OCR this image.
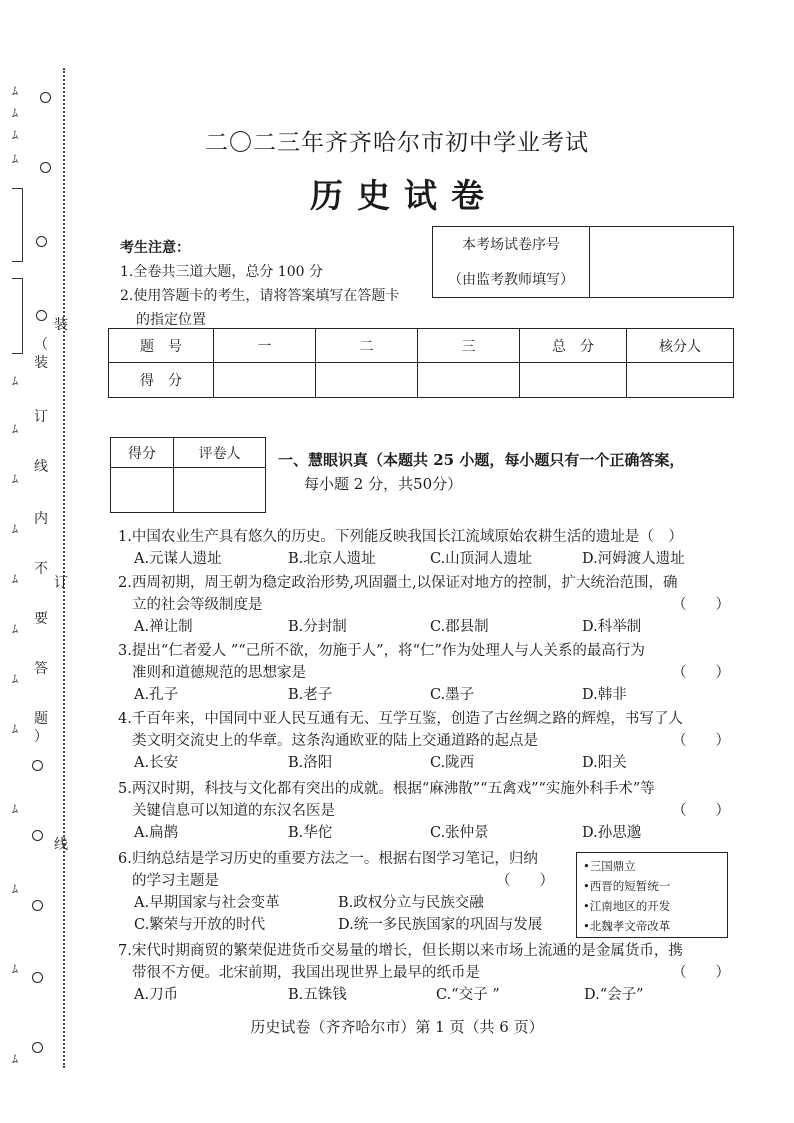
ﾑ
ﾑ
ﾑ
ﾑ
ﾑ
ﾑ
ﾑ
ﾑ
ﾑ
ﾑ
ﾑ
ﾑ
ﾑ
ﾑ
ﾑ
ﾑ
装
订
线
（
装
订
线
内
不
要
答
题
）
二〇二三年齐齐哈尔市初中学业考试
历史试卷
考生注意：
1.全卷共三道大题，总分 100 分
2.使用答题卡的考生，请将答案填写在答题卡
的指定位置
本考场试卷序号	
（由监考教师填写）
题　号	一	二	三	总　分	核分人
得　分					
得分	评卷人
		一、慧眼识真（本题共 25 小题，每小题只有一个正确答案，
每小题 2 分，共50分）
1.中国农业生产具有悠久的历史。下列能反映我国长江流域原始农耕生活的遗址是（　）
A.元谋人遗址	B.北京人遗址	C.山顶洞人遗址	D.河姆渡人遗址
2.西周初期，周王朝为稳定政治形势,巩固疆土,以保证对地方的控制，扩大统治范围，确
立的社会等级制度是	（　　）
A.禅让制	B.分封制	C.郡县制	D.科举制
3.提出“仁者爱人 ”“己所不欲，勿施于人”，将“仁”作为处理人与人关系的最高行为
准则和道德规范的思想家是	（　　）
A.孔子	B.老子	C.墨子	D.韩非
4.千百年来，中国同中亚人民互通有无、互学互鉴，创造了古丝绸之路的辉煌，书写了人
类文明交流史上的华章。这条沟通欧亚的陆上交通道路的起点是	（　　）
A.长安	B.洛阳	C.陇西	D.阳关
5.两汉时期，科技与文化都有突出的成就。根据“麻沸散”“五禽戏”“实施外科手术”等
关键信息可以知道的东汉名医是	（　　）
A.扁鹊	B.华佗	C.张仲景	D.孙思邈
6.归纳总结是学习历史的重要方法之一。根据右图学习笔记，归纳
的学习主题是	（　　）
A.早期国家与社会变革	B.政权分立与民族交融
C.繁荣与开放的时代	D.统一多民族国家的巩固与发展
•三国鼎立
•西晋的短暂统一
•江南地区的开发
•北魏孝文帝改革
7.宋代时期商贸的繁荣促进货币交易量的增长，但长期以来市场上流通的是金属货币，携
带很不方便。北宋前期，我国出现世界上最早的纸币是	（　　）
A.刀币	B.五铢钱	C.“交子 ”	D.“会子”
历史试卷（齐齐哈尔市）第 1 页（共 6 页）
